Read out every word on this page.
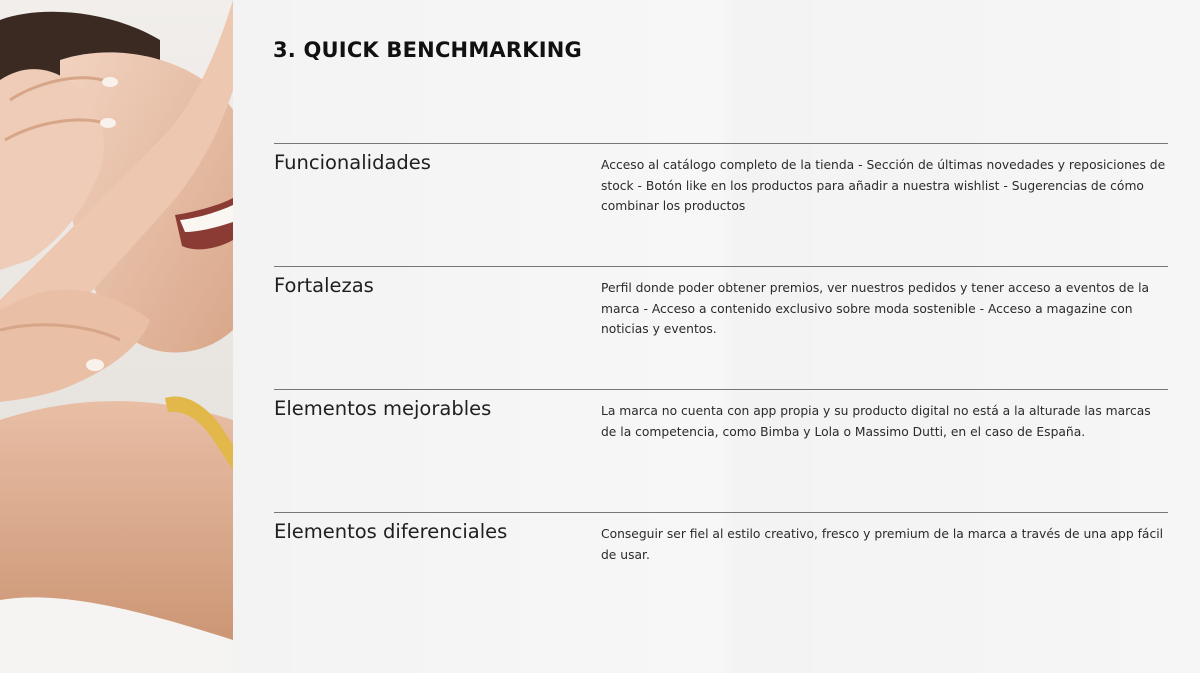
3. QUICK BENCHMARKING

Funcionalidades	Acceso al catálogo completo de la tienda - Sección de últimas novedades y reposiciones de stock - Botón like en los productos para añadir a nuestra wishlist - Sugerencias de cómo combinar los productos

Fortalezas	Perfil donde poder obtener premios, ver nuestros pedidos y tener acceso a eventos de la marca - Acceso a contenido exclusivo sobre moda sostenible - Acceso a magazine con noticias y eventos.

Elementos mejorables	La marca no cuenta con app propia y su producto digital no está a la alturade las marcas de la competencia, como Bimba y Lola o Massimo Dutti, en el caso de España.

Elementos diferenciales	Conseguir ser fiel al estilo creativo, fresco y premium de la marca a través de una app fácil de usar.
